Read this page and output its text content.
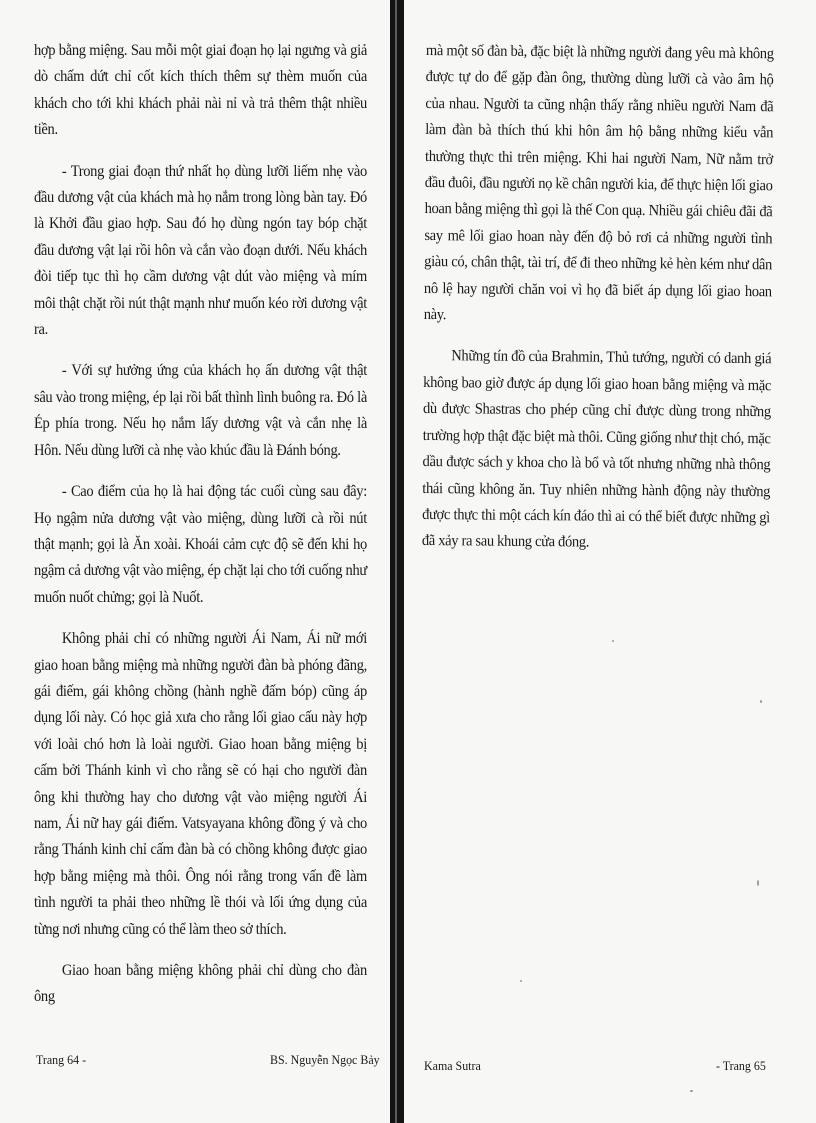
hợp bằng miệng. Sau mỗi một giai đoạn họ lại ngưng và giả dò chấm dứt chỉ cốt kích thích thêm sự thèm muốn của khách cho tới khi khách phải nài nỉ và trả thêm thật nhiều tiền.

- Trong giai đoạn thứ nhất họ dùng lưỡi liếm nhẹ vào đầu dương vật của khách mà họ nắm trong lòng bàn tay. Đó là Khởi đầu giao hợp. Sau đó họ dùng ngón tay bóp chặt đầu dương vật lại rồi hôn và cắn vào đoạn dưới. Nếu khách đòi tiếp tục thì họ cầm dương vật dút vào miệng và mím môi thật chặt rồi nút thật mạnh như muốn kéo rời dương vật ra.

- Với sự hưởng ứng của khách họ ấn dương vật thật sâu vào trong miệng, ép lại rồi bất thình lình buông ra. Đó là Ép phía trong. Nếu họ nắm lấy dương vật và cắn nhẹ là Hôn. Nếu dùng lưỡi cà nhẹ vào khúc đầu là Đánh bóng.

- Cao điểm của họ là hai động tác cuối cùng sau đây: Họ ngậm nửa dương vật vào miệng, dùng lưỡi cà rồi nút thật mạnh; gọi là Ăn xoài. Khoái cảm cực độ sẽ đến khi họ ngậm cả dương vật vào miệng, ép chặt lại cho tới cuống như muốn nuốt chửng; gọi là Nuốt.

Không phải chỉ có những người Ái Nam, Ái nữ mới giao hoan bằng miệng mà những người đàn bà phóng đãng, gái điếm, gái không chồng (hành nghề đấm bóp) cũng áp dụng lối này. Có học giả xưa cho rằng lối giao cấu này hợp với loài chó hơn là loài người. Giao hoan bằng miệng bị cấm bởi Thánh kinh vì cho rằng sẽ có hại cho người đàn ông khi thường hay cho dương vật vào miệng người Ái nam, Ái nữ hay gái điếm. Vatsyayana không đồng ý và cho rằng Thánh kinh chỉ cấm đàn bà có chồng không được giao hợp bằng miệng mà thôi. Ông nói rằng trong vấn đề làm tình người ta phải theo những lề thói và lối ứng dụng của từng nơi nhưng cũng có thể làm theo sở thích.

Giao hoan bằng miệng không phải chỉ dùng cho đàn ông

Trang 64 -	BS. Nguyễn Ngọc Bảy

mà một số đàn bà, đặc biệt là những người đang yêu mà không được tự do để gặp đàn ông, thường dùng lưỡi cà vào âm hộ của nhau. Người ta cũng nhận thấy rằng nhiều người Nam đã làm đàn bà thích thú khi hôn âm hộ bằng những kiểu vẫn thường thực thi trên miệng. Khi hai người Nam, Nữ nằm trở đầu đuôi, đầu người nọ kề chân người kia, để thực hiện lối giao hoan bằng miệng thì gọi là thế Con quạ. Nhiều gái chiêu đãi đã say mê lối giao hoan này đến độ bỏ rơi cả những người tình giàu có, chân thật, tài trí, để đi theo những kẻ hèn kém như dân nô lệ hay người chăn voi vì họ đã biết áp dụng lối giao hoan này.

Những tín đồ của Brahmin, Thủ tướng, người có danh giá không bao giờ được áp dụng lối giao hoan bằng miệng và mặc dù được Shastras cho phép cũng chỉ được dùng trong những trường hợp thật đặc biệt mà thôi. Cũng giống như thịt chó, mặc dầu được sách y khoa cho là bổ và tốt nhưng những nhà thông thái cũng không ăn. Tuy nhiên những hành động này thường được thực thi một cách kín đáo thì ai có thể biết được những gì đã xảy ra sau khung cửa đóng.

Kama Sutra	- Trang 65
